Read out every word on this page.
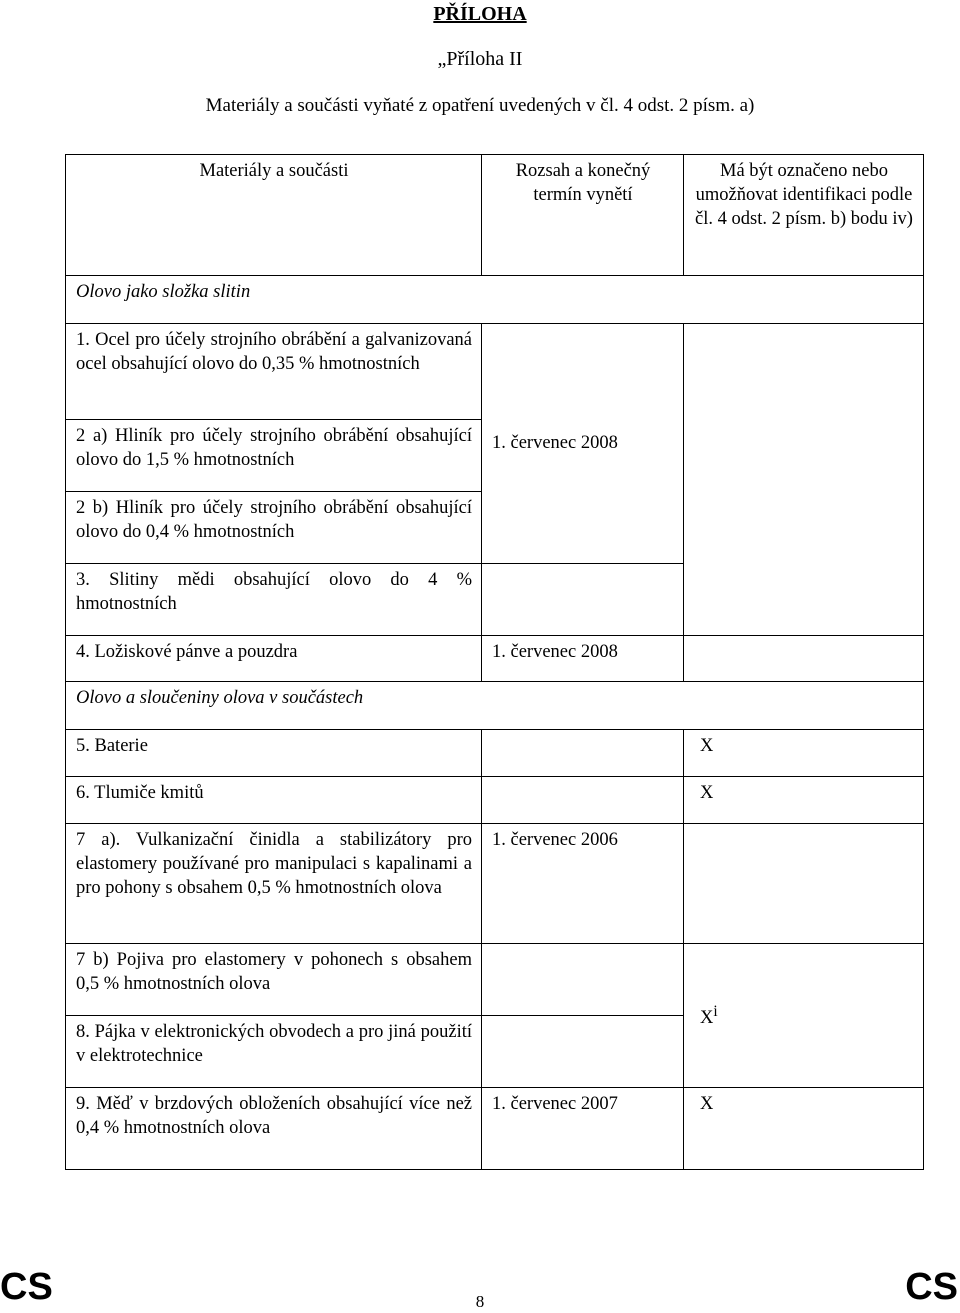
PŘÍLOHA
„Příloha II
Materiály a součásti vyňaté z opatření uvedených v čl. 4 odst. 2 písm. a)
Materiály a součásti	Rozsah a konečný termín vynětí	Má být označeno nebo umožňovat identifikaci podle čl. 4 odst. 2 písm. b) bodu iv)
Olovo jako složka slitin		
1. Ocel pro účely strojního obrábění a galvanizovaná ocel obsahující olovo do 0,35 % hmotnostních	1. červenec 2008	
2 a) Hliník pro účely strojního obrábění obsahující olovo do 1,5 % hmotnostních		
2 b) Hliník pro účely strojního obrábění obsahující olovo do 0,4 % hmotnostních		
3. Slitiny mědi obsahující olovo do 4 % hmotnostních		
4. Ložiskové pánve a pouzdra	1. červenec 2008	
Olovo a sloučeniny olova v součástech		
5. Baterie		X
6. Tlumiče kmitů		X
7 a). Vulkanizační činidla a stabilizátory pro elastomery používané pro manipulaci s kapalinami a pro pohony s obsahem 0,5 % hmotnostních olova	1. červenec 2006	
7 b) Pojiva pro elastomery v pohonech s obsahem 0,5 % hmotnostních olova		$X^i$
8. Pájka v elektronických obvodech a pro jiná použití v elektrotechnice		
9. Měď v brzdových obloženích obsahující více než 0,4 % hmotnostních olova	1. červenec 2007	X
CS	8	CS
